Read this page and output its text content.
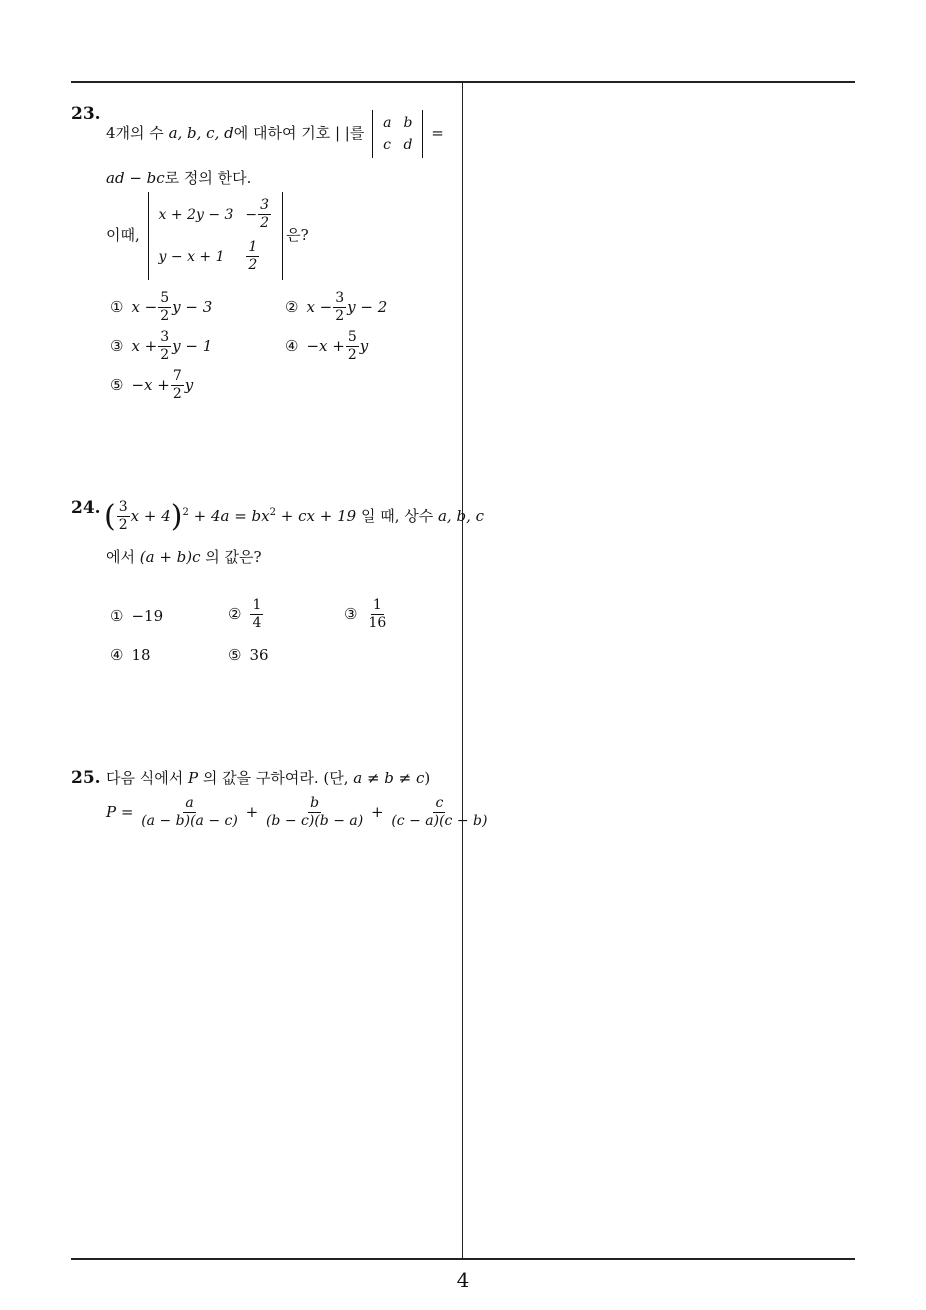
23.
4개의 수 a, b, c, d에 대하여 기호 | |를
a	b
c	d
=
ad − bc로 정의 한다.
이때,
x + 2y − 3	− $\frac{3}{2}$

y − x + 1	$\frac{1}{2}$
은?
① $x - \frac{5}{2}$ y − 3	② $x - \frac{3}{2}$ y − 2
③ $x + \frac{3}{2}$ y − 1	④ $-x + \frac{5}{2}$ y
⑤ $-x + \frac{7}{2}$ y
24. ( $\frac{3}{2}$ $x + 4)^2 + 4a = bx^2$ + cx + 19 일 때, 상수 a, b, c
에서 (a + b)c 의 값은?
① −19	② $\frac{1}{4}$	③ $\frac{1}{16}$
④ 18	⑤ 36
25. 다음 식에서 P 의 값을 구하여라. (단, a ≠ b ≠ c)
$P = \frac{a}{(a - b)(a - c)} + \frac{b}{(b - c)(b - a)} + \frac{c}{(c - a)(c - b)}$
4
